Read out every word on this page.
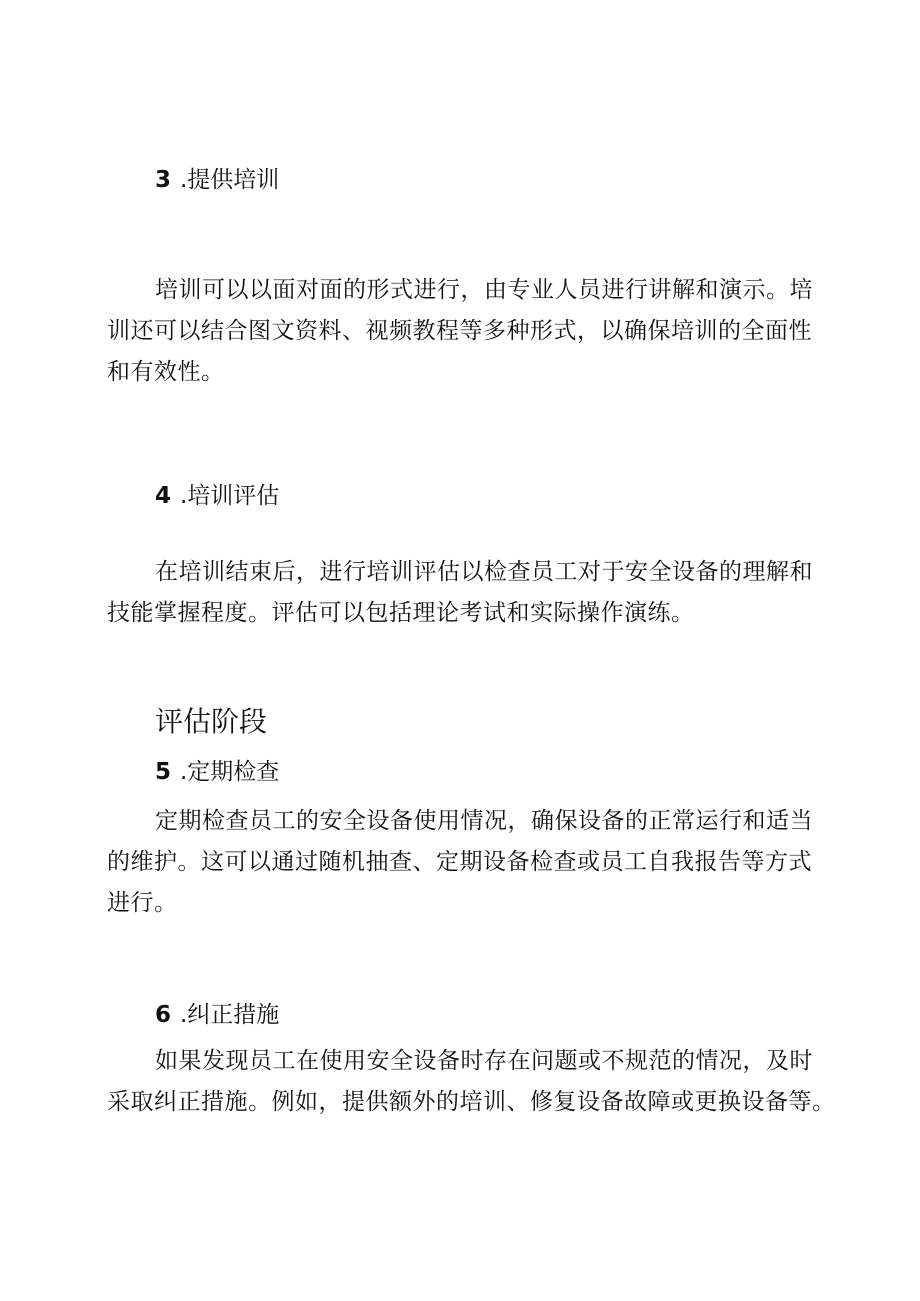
3 .提供培训
培训可以以面对面的形式进行，由专业人员进行讲解和演示。培
训还可以结合图文资料、视频教程等多种形式，以确保培训的全面性
和有效性。
4 .培训评估
在培训结束后，进行培训评估以检查员工对于安全设备的理解和
技能掌握程度。评估可以包括理论考试和实际操作演练。
评估阶段
5 .定期检查
定期检查员工的安全设备使用情况，确保设备的正常运行和适当
的维护。这可以通过随机抽查、定期设备检查或员工自我报告等方式
进行。
6 .纠正措施
如果发现员工在使用安全设备时存在问题或不规范的情况，及时
采取纠正措施。例如，提供额外的培训、修复设备故障或更换设备等。
